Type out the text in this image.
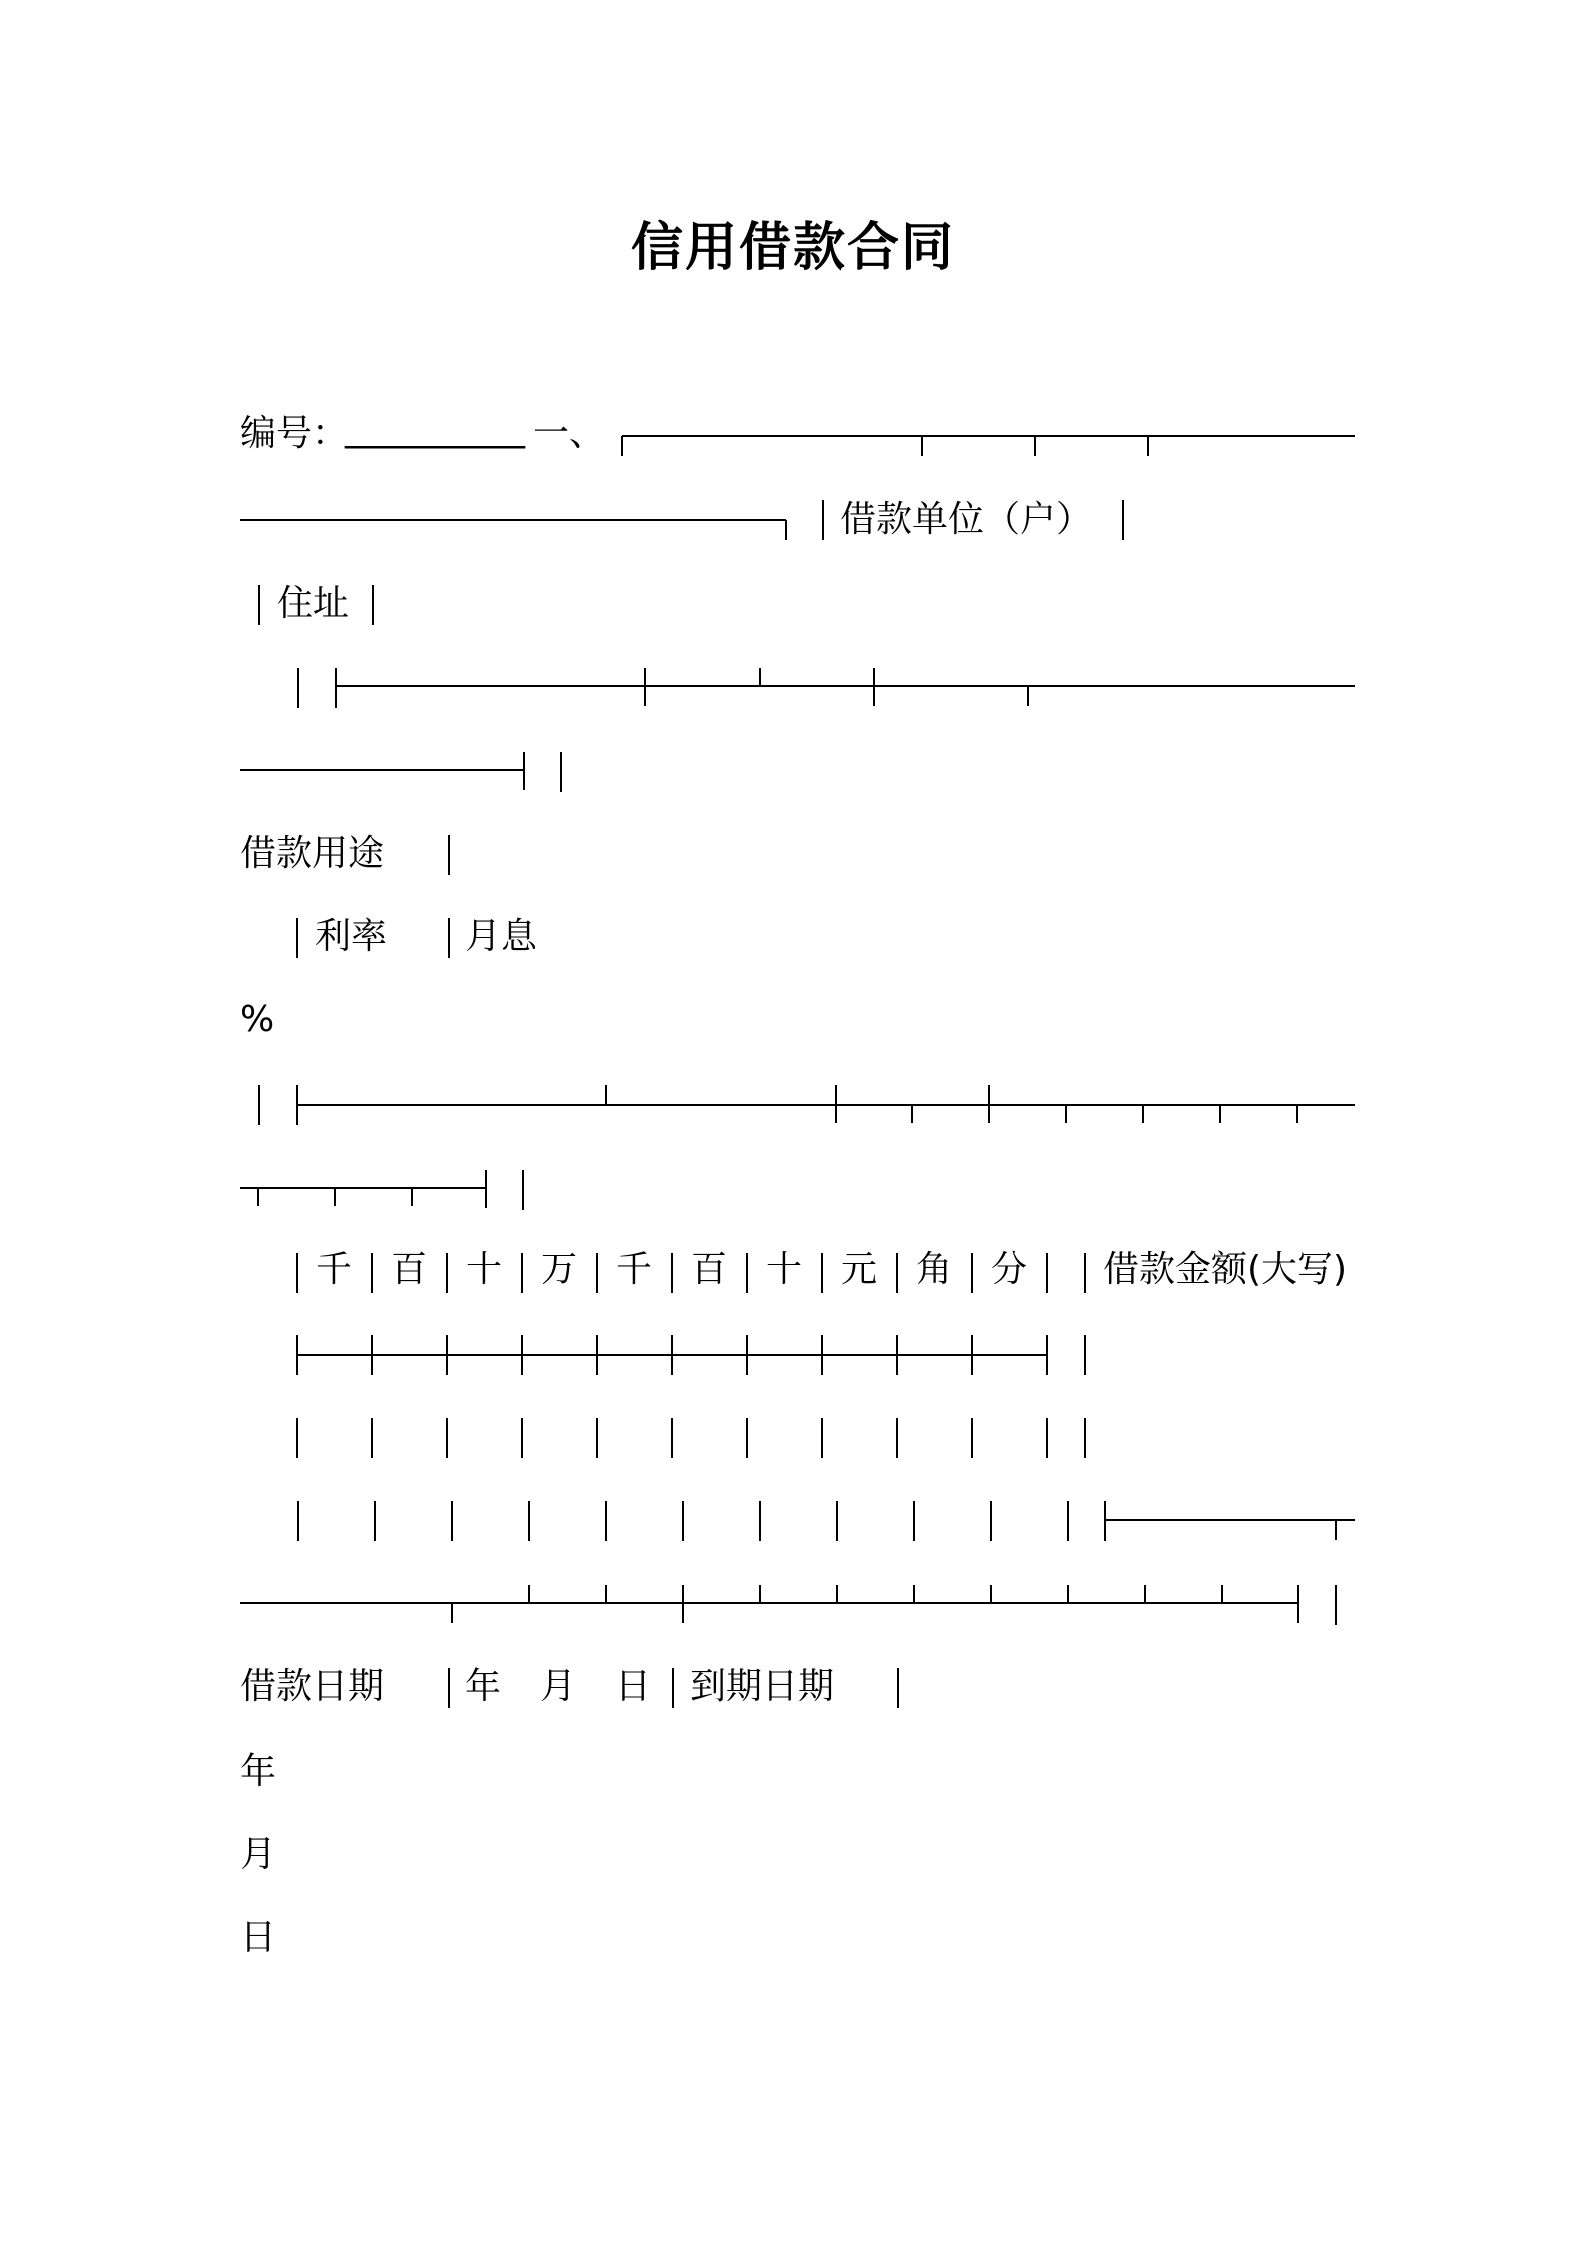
信用借款合同
编号：
__________ 一、
借款单位（户）
住址
借款用途
利率 月息
%
千 百 十 万 千 百 十 元 角 分 借款金额(大写)
借款日期 年 月 日 到期日期
年
月
日
